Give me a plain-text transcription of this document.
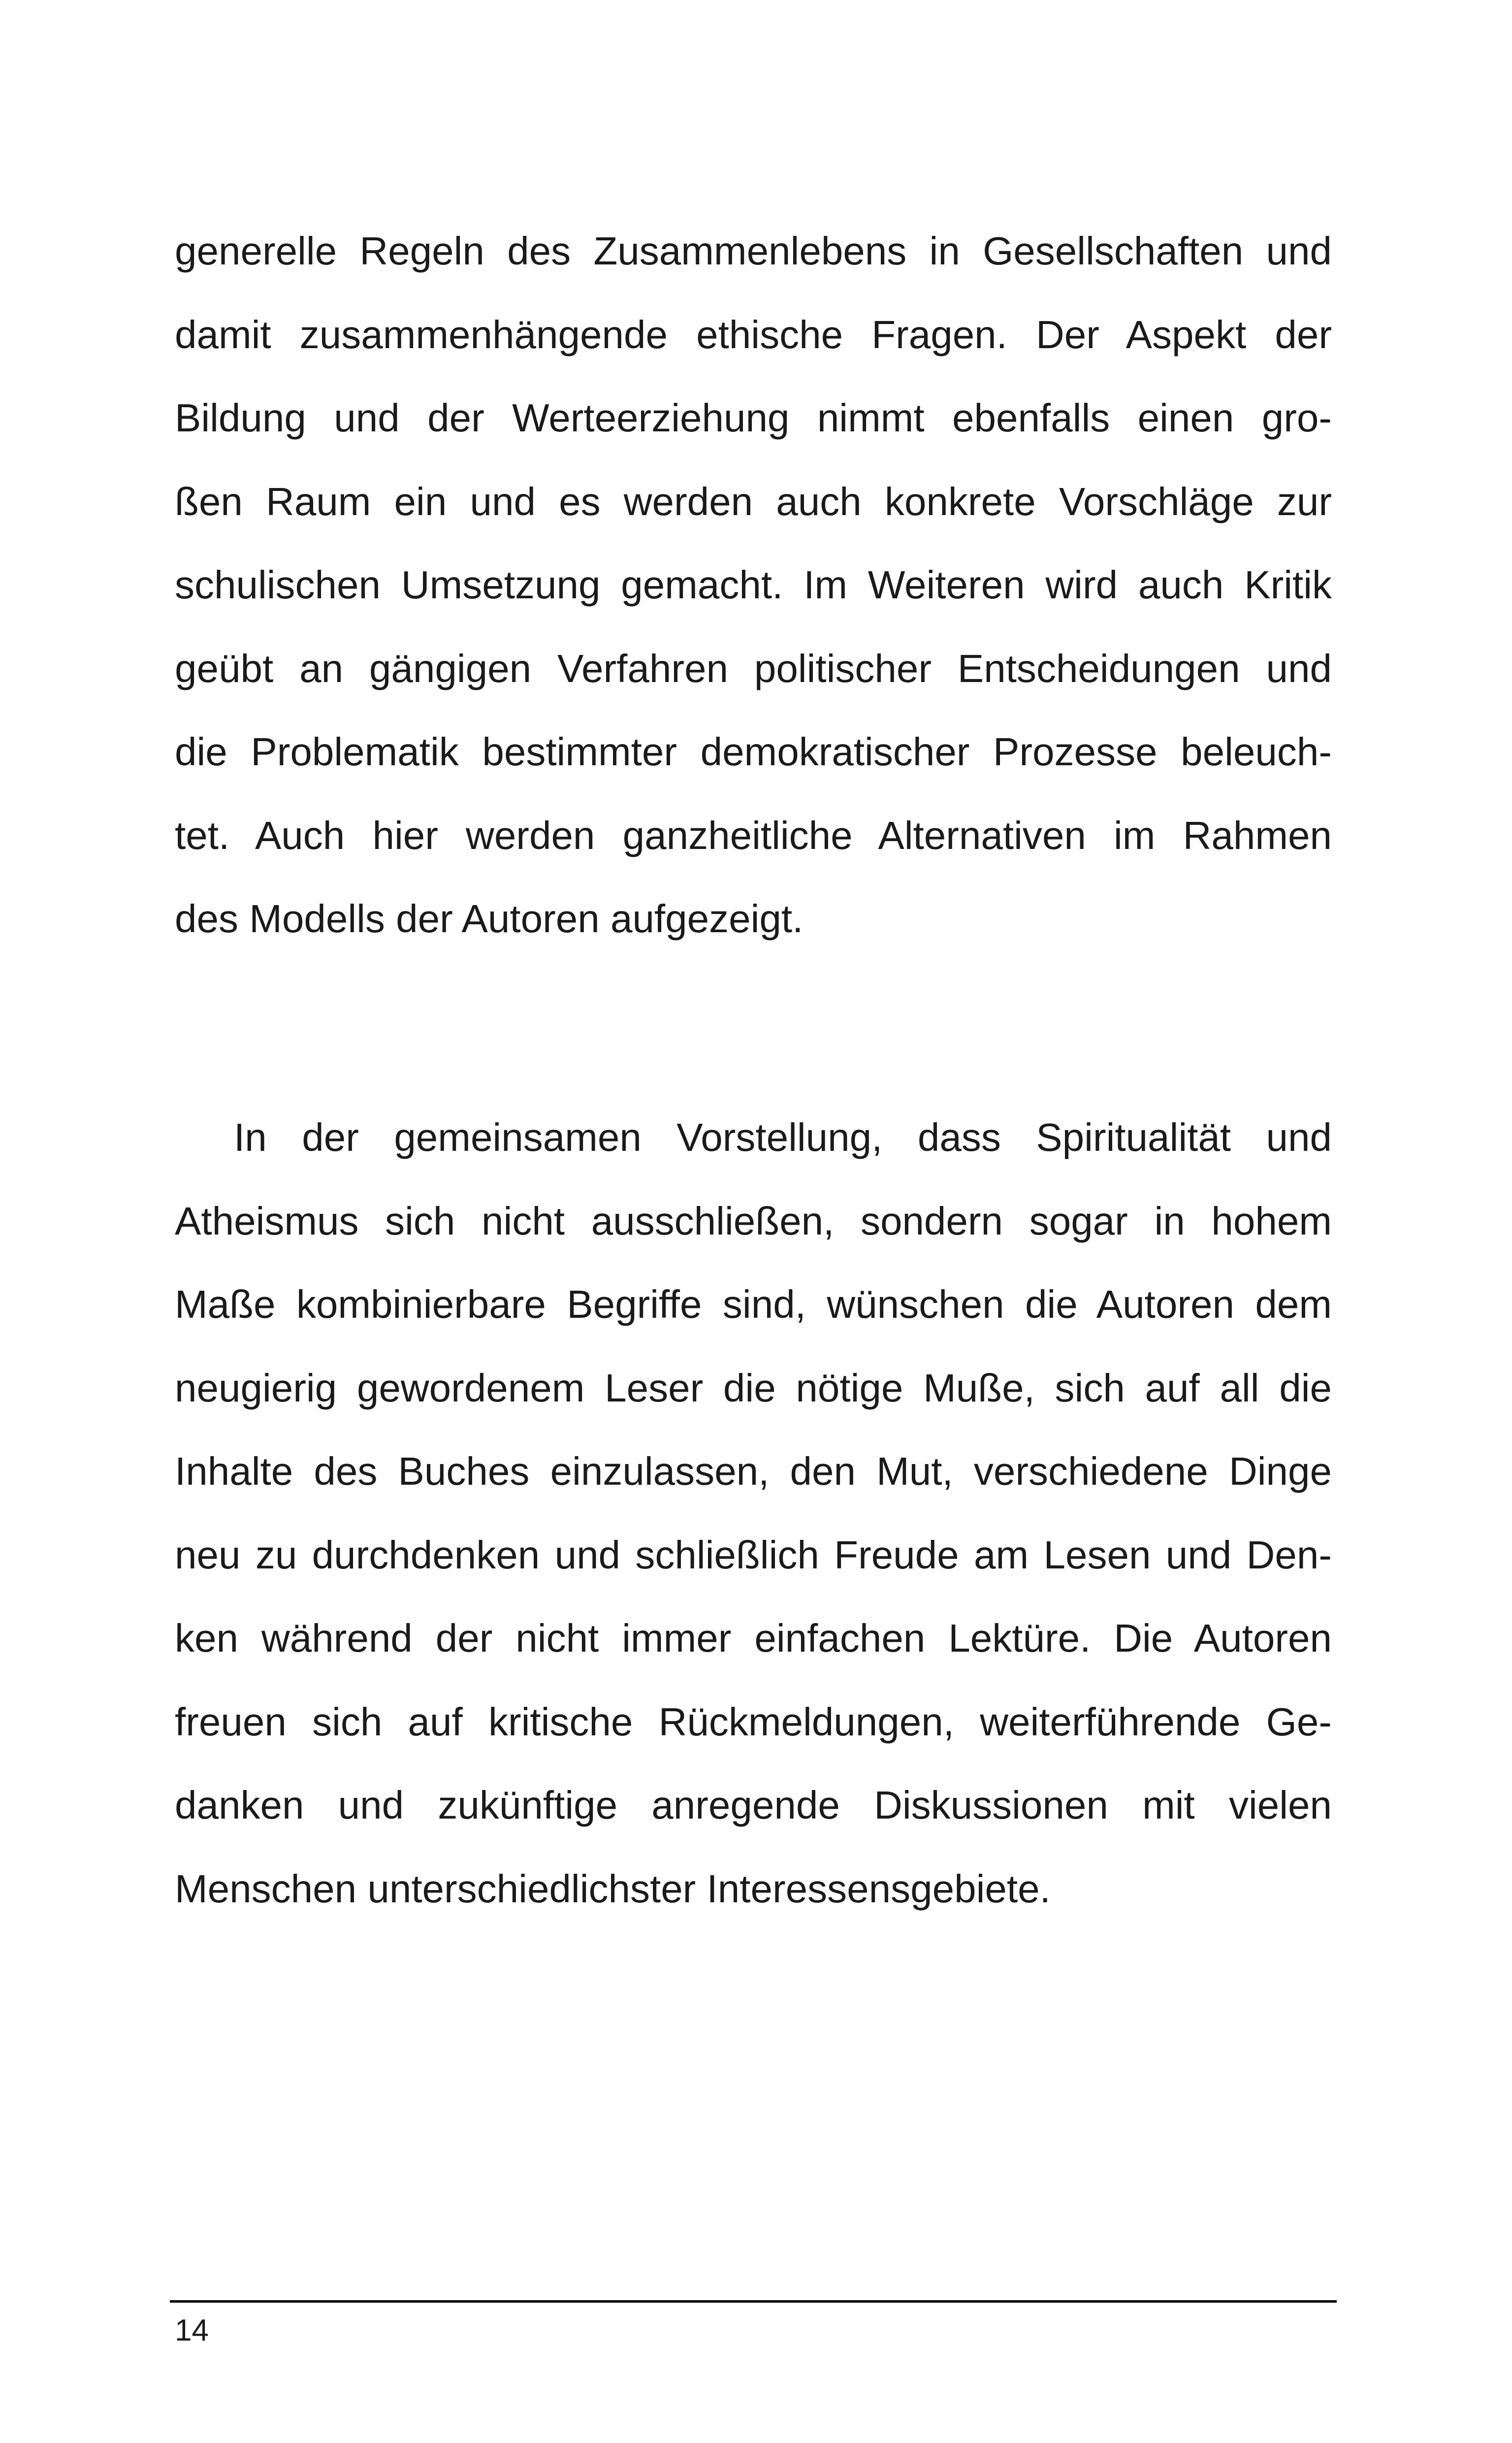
generelle Regeln des Zusammenlebens in Gesellschaften und
damit zusammenhängende ethische Fragen. Der Aspekt der
Bildung und der Werteerziehung nimmt ebenfalls einen gro-
ßen Raum ein und es werden auch konkrete Vorschläge zur
schulischen Umsetzung gemacht. Im Weiteren wird auch Kritik
geübt an gängigen Verfahren politischer Entscheidungen und
die Problematik bestimmter demokratischer Prozesse beleuch-
tet. Auch hier werden ganzheitliche Alternativen im Rahmen
des Modells der Autoren aufgezeigt.
In der gemeinsamen Vorstellung, dass Spiritualität und
Atheismus sich nicht ausschließen, sondern sogar in hohem
Maße kombinierbare Begriffe sind, wünschen die Autoren dem
neugierig gewordenem Leser die nötige Muße, sich auf all die
Inhalte des Buches einzulassen, den Mut, verschiedene Dinge
neu zu durchdenken und schließlich Freude am Lesen und Den-
ken während der nicht immer einfachen Lektüre. Die Autoren
freuen sich auf kritische Rückmeldungen, weiterführende Ge-
danken und zukünftige anregende Diskussionen mit vielen
Menschen unterschiedlichster Interessensgebiete.
14
